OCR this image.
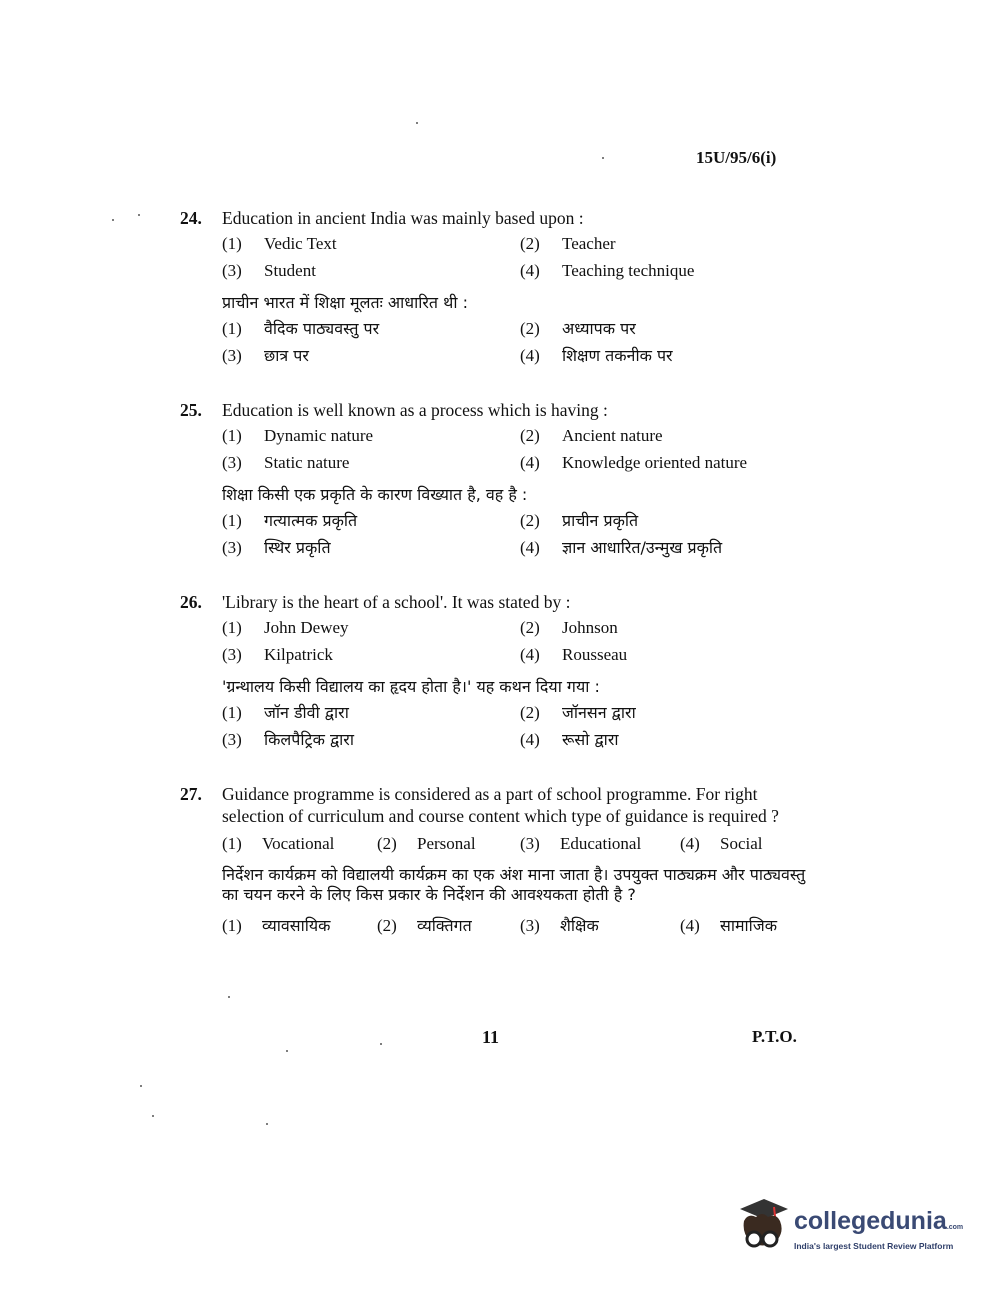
15U/95/6(i)
24.	Education in ancient India was mainly based upon :
(1)	Vedic Text	(2)	Teacher
(3)	Student	(4)	Teaching technique
प्राचीन भारत में शिक्षा मूलतः आधारित थी :
(1)	वैदिक पाठ्यवस्तु पर	(2)	अध्यापक पर
(3)	छात्र पर	(4)	शिक्षण तकनीक पर
25.	Education is well known as a process which is having :
(1)	Dynamic nature	(2)	Ancient nature
(3)	Static nature	(4)	Knowledge oriented nature
शिक्षा किसी एक प्रकृति के कारण विख्यात है, वह है :
(1)	गत्यात्मक प्रकृति	(2)	प्राचीन प्रकृति
(3)	स्थिर प्रकृति	(4)	ज्ञान आधारित/उन्मुख प्रकृति
26.	'Library is the heart of a school'. It was stated by :
(1)	John Dewey	(2)	Johnson
(3)	Kilpatrick	(4)	Rousseau
'ग्रन्थालय किसी विद्यालय का हृदय होता है।' यह कथन दिया गया :
(1)	जॉन डीवी द्वारा	(2)	जॉनसन द्वारा
(3)	किलपैट्रिक द्वारा	(4)	रूसो द्वारा
27.	Guidance programme is considered as a part of school programme. For right selection of curriculum and course content which type of guidance is required ?
(1)	Vocational	(2)	Personal	(3)	Educational (4)	Social
निर्देशन कार्यक्रम को विद्यालयी कार्यक्रम का एक अंश माना जाता है। उपयुक्त पाठ्यक्रम और पाठ्यवस्तु का चयन करने के लिए किस प्रकार के निर्देशन की आवश्यकता होती है ?
(1)	व्यावसायिक	(2)	व्यक्तिगत	(3)	शैक्षिक	(4)	सामाजिक
11	P.T.O.
collegedunia.com
India's largest Student Review Platform
